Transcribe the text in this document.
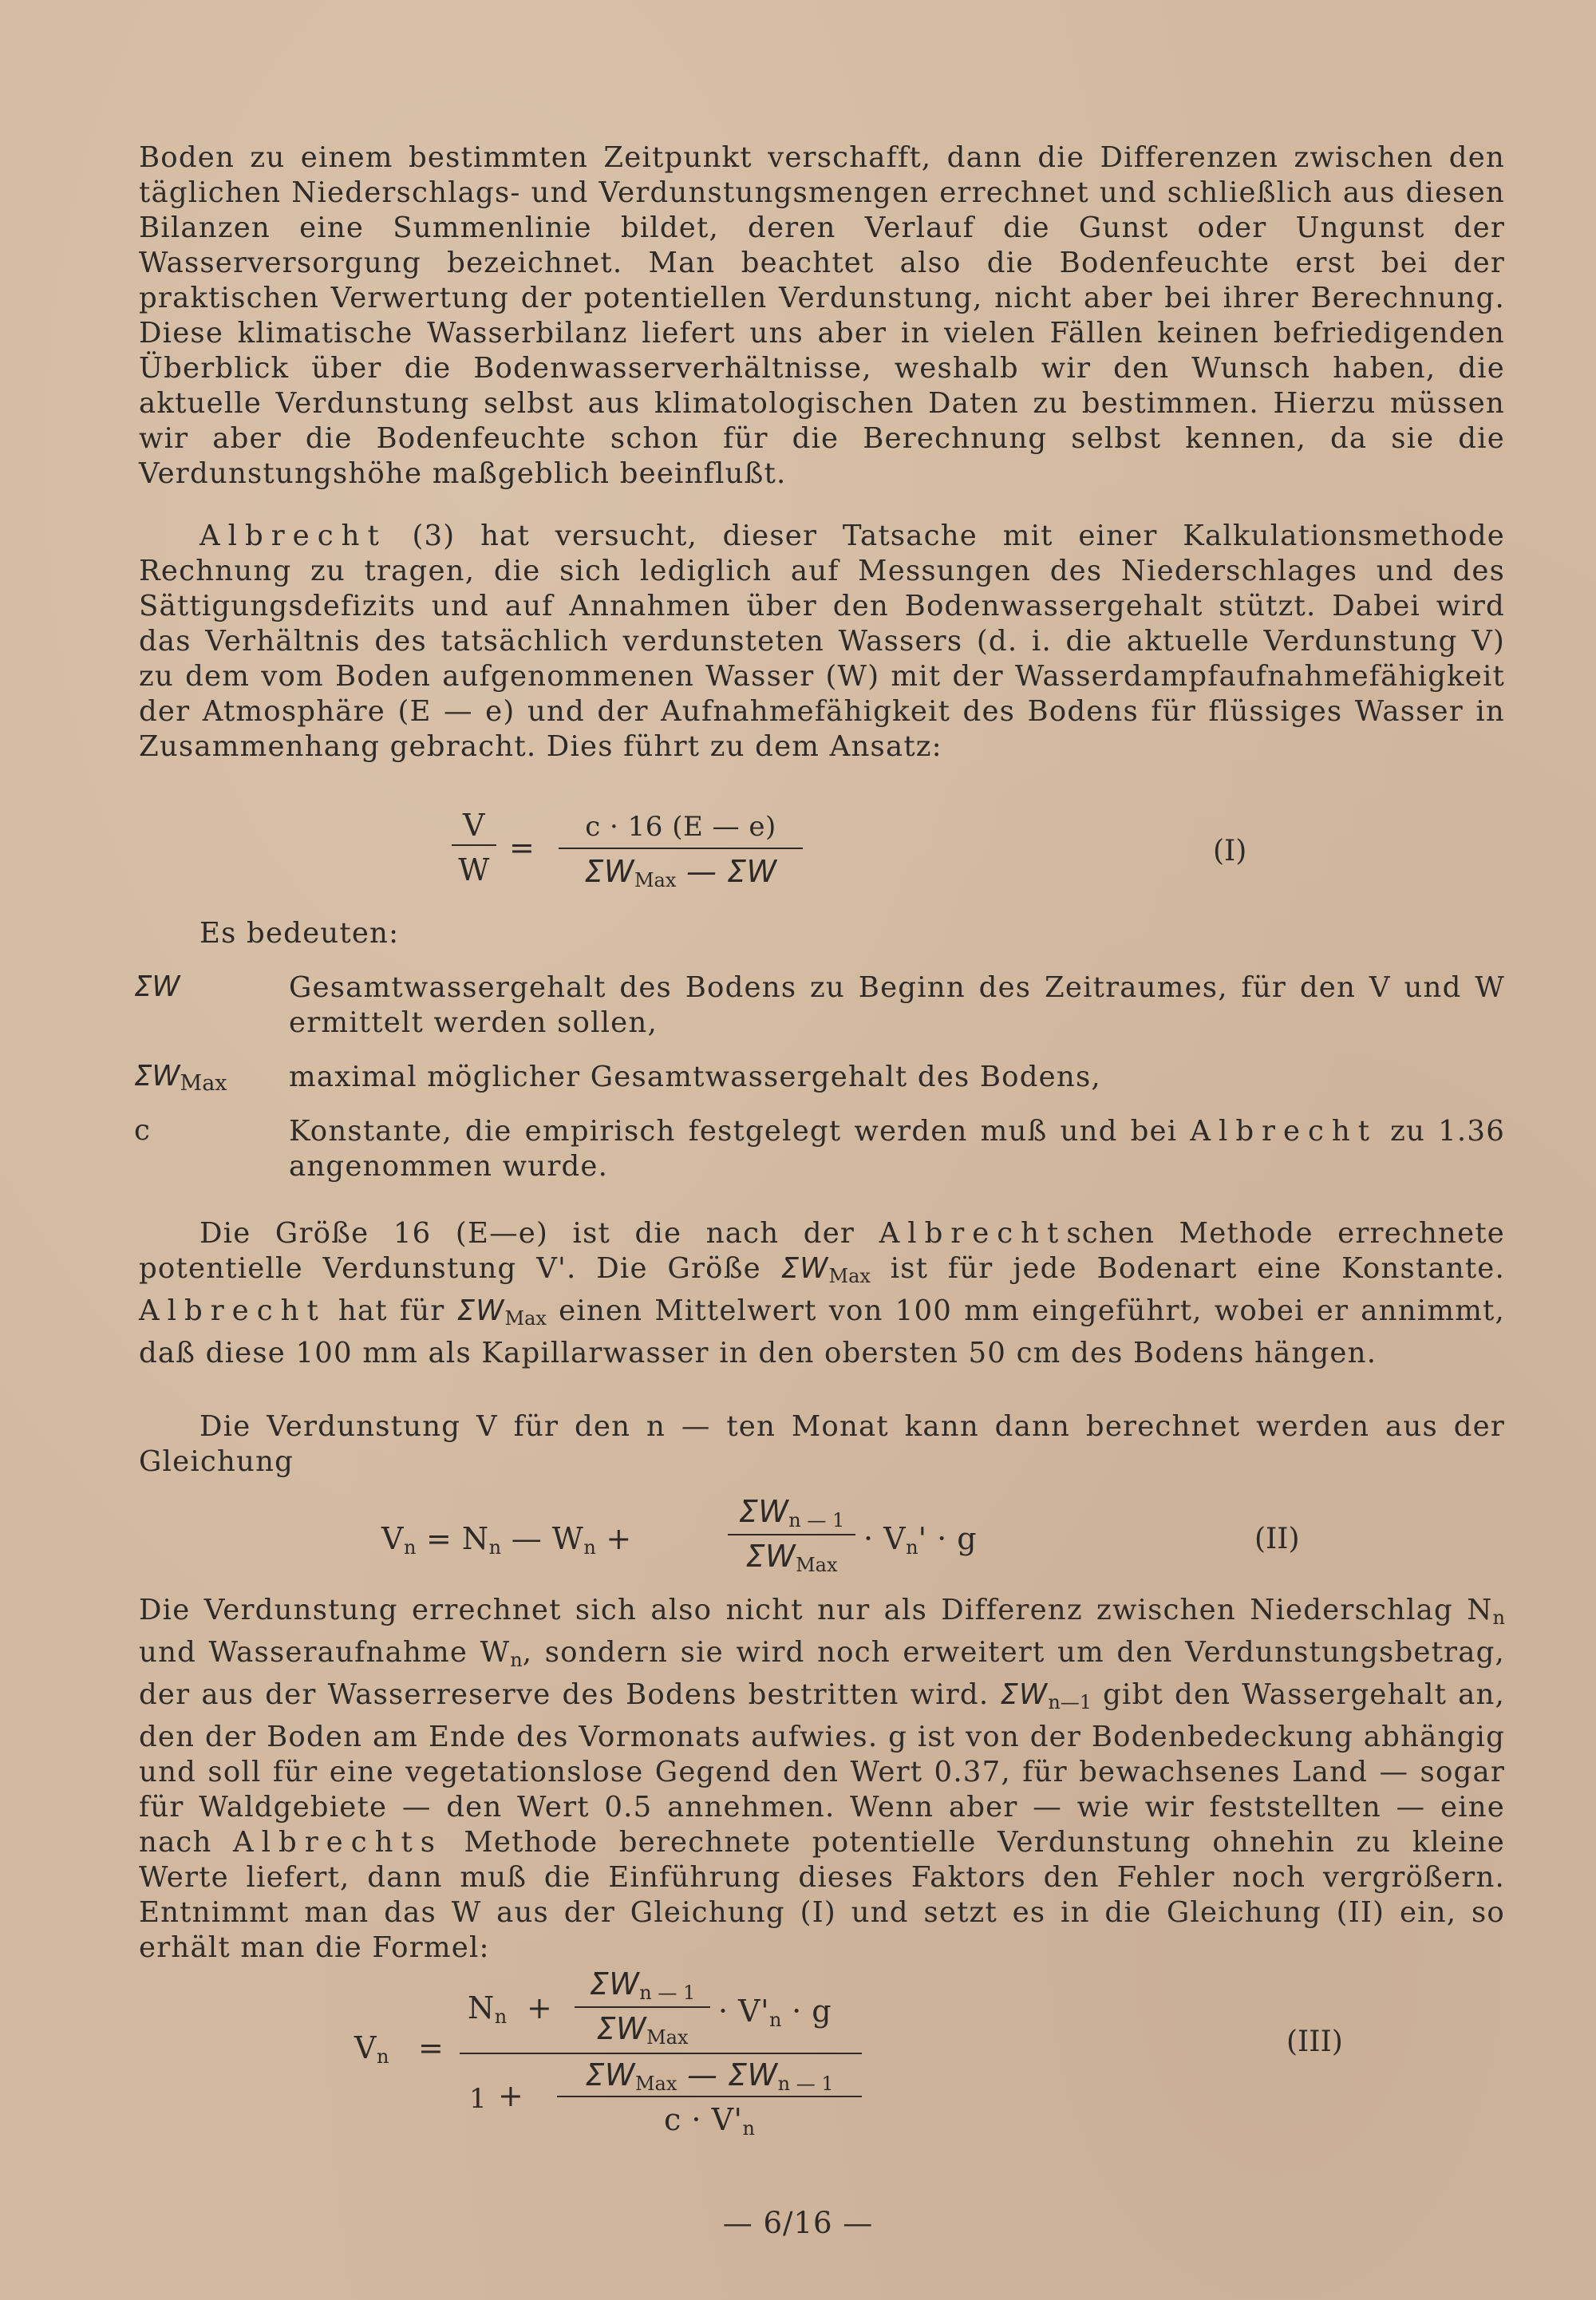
Boden zu einem bestimmten Zeitpunkt verschafft, dann die Differenzen zwischen den täglichen Niederschlags- und Verdunstungsmengen errechnet und schließlich aus diesen Bilanzen eine Summenlinie bildet, deren Verlauf die Gunst oder Ungunst der Wasserversorgung bezeichnet. Man beachtet also die Bodenfeuchte erst bei der praktischen Verwertung der potentiellen Verdunstung, nicht aber bei ihrer Berechnung. Diese klimatische Wasserbilanz liefert uns aber in vielen Fällen keinen befriedigenden Überblick über die Bodenwasserverhältnisse, weshalb wir den Wunsch haben, die aktuelle Verdunstung selbst aus klimatologischen Daten zu bestimmen. Hierzu müssen wir aber die Bodenfeuchte schon für die Berechnung selbst kennen, da sie die Verdunstungshöhe maßgeblich beeinflußt.

Albrecht (3) hat versucht, dieser Tatsache mit einer Kalkulationsmethode Rechnung zu tragen, die sich lediglich auf Messungen des Niederschlages und des Sättigungsdefizits und auf Annahmen über den Bodenwassergehalt stützt. Dabei wird das Verhältnis des tatsächlich verdunsteten Wassers (d. i. die aktuelle Verdunstung V) zu dem vom Boden aufgenommenen Wasser (W) mit der Wasserdampfaufnahmefähigkeit der Atmosphäre (E — e) und der Aufnahmefähigkeit des Bodens für flüssiges Wasser in Zusammenhang gebracht. Dies führt zu dem Ansatz:

V
W
=
c · 16 (E — e)
$\Sigma W_{Max}$ — ΣW
(I)
Es bedeuten:
ΣW	Gesamtwassergehalt des Bodens zu Beginn des Zeitraumes, für den V und W ermittelt werden sollen,

$\Sigma W_{Max}$ maximal möglicher Gesamtwassergehalt des Bodens,

c	Konstante, die empirisch festgelegt werden muß und bei Albrecht zu 1.36 angenommen wurde.

Die Größe 16 (E—e) ist die nach der Albrechtschen Methode errechnete potentielle Verdunstung V'. Die Größe $\Sigma W_{Max}$ ist für jede Bodenart eine Konstante. Albrecht hat für $\Sigma W_{Max}$ einen Mittelwert von 100 mm eingeführt, wobei er annimmt, daß diese 100 mm als Kapillarwasser in den obersten 50 cm des Bodens hängen.

Die Verdunstung V für den n — ten Monat kann dann berechnet werden aus der Gleichung

$V_n = N_n$ — $W_n$ +
$\Sigma W_{n — 1}$
$\Sigma W_{Max}$
· $V_n' \cdot g$	(II)

Die Verdunstung errechnet sich also nicht nur als Differenz zwischen Niederschlag $N_n$ und Wasseraufnahme $W_n$, sondern sie wird noch erweitert um den Verdunstungsbetrag, der aus der Wasserreserve des Bodens bestritten wird. $\Sigma W_{n—1}$ gibt den Wassergehalt an, den der Boden am Ende des Vormonats aufwies. g ist von der Bodenbedeckung abhängig und soll für eine vegetationslose Gegend den Wert 0.37, für bewachsenes Land — sogar für Waldgebiete — den Wert 0.5 annehmen. Wenn aber — wie wir feststellten — eine nach Albrechts Methode berechnete potentielle Verdunstung ohnehin zu kleine Werte liefert, dann muß die Einführung dieses Faktors den Fehler noch vergrößern. Entnimmt man das W aus der Gleichung (I) und setzt es in die Gleichung (II) ein, so erhält man die Formel:

$V_n$ =
$N_n$ +
$\Sigma W_{n — 1}$
$\Sigma W_{Max}$
· $V'_n \cdot g$
1 +
$\Sigma W_{Max}$ — $\Sigma W_{n — 1}$
$c \cdot V'_n$
(III)
— 6/16 —
